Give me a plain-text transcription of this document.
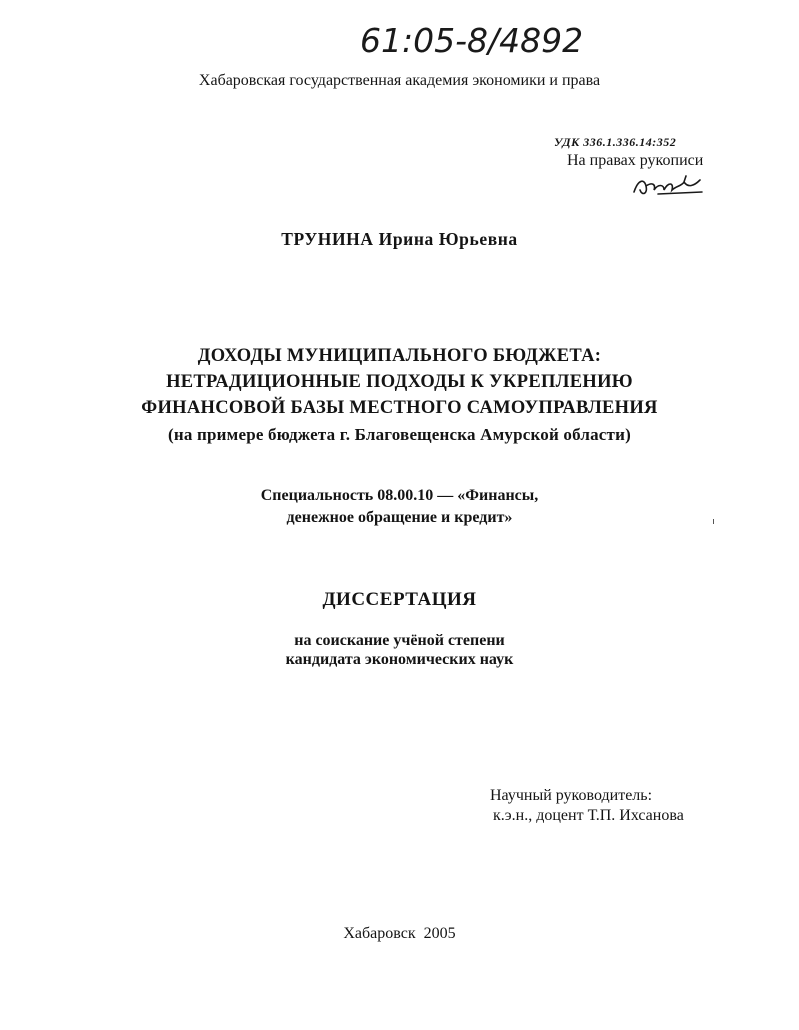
61:05-8/4892
Хабаровская государственная академия экономики и права
УДК 336.1.336.14:352
На правах рукописи
ТРУНИНА Ирина Юрьевна
ДОХОДЫ МУНИЦИПАЛЬНОГО БЮДЖЕТА:
НЕТРАДИЦИОННЫЕ ПОДХОДЫ К УКРЕПЛЕНИЮ
ФИНАНСОВОЙ БАЗЫ МЕСТНОГО САМОУПРАВЛЕНИЯ
(на примере бюджета г. Благовещенска Амурской области)
Специальность 08.00.10 — «Финансы,
денежное обращение и кредит»
ДИССЕРТАЦИЯ
на соискание учёной степени
кандидата экономических наук
Научный руководитель:
к.э.н., доцент Т.П. Ихсанова
Хабаровск  2005
